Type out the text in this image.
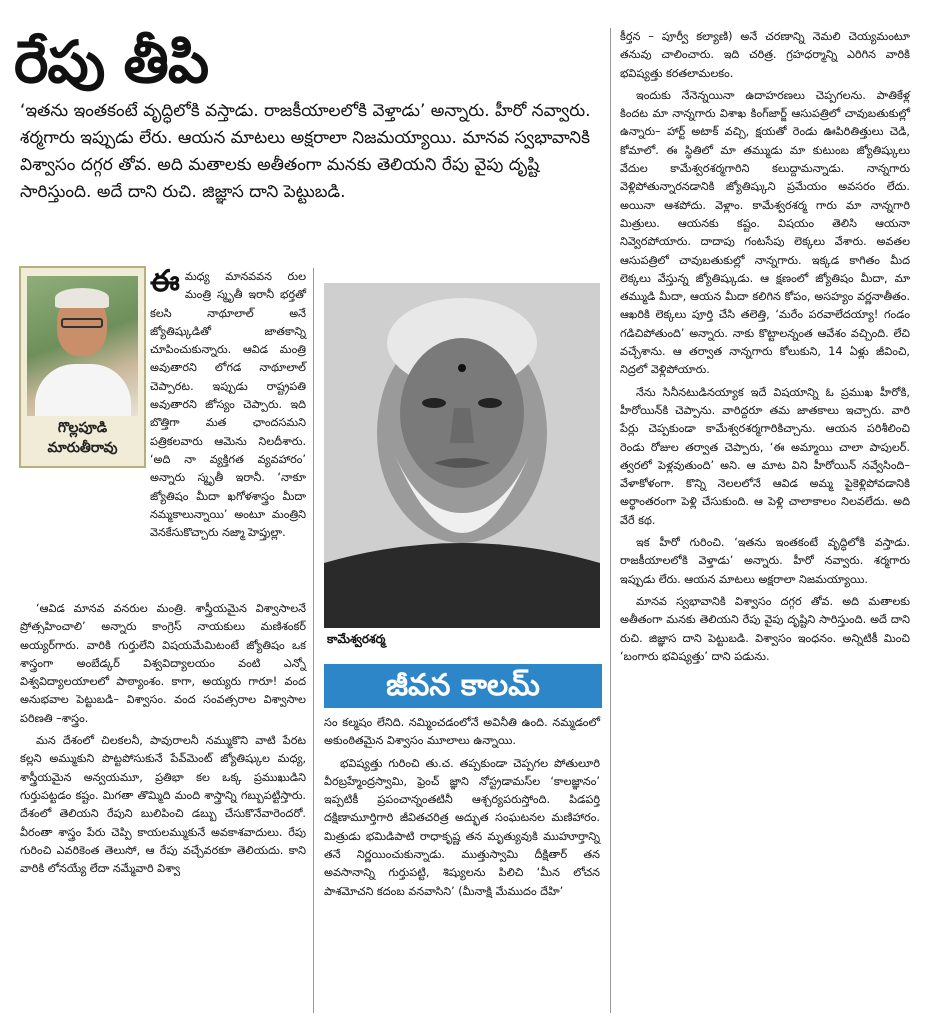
రేపు తీపి

‘ఇతను ఇంతకంటే వృద్ధిలోకి వస్తాడు. రాజకీయాలలోకి వెళ్తాడు’ అన్నారు. హీరో నవ్వారు. శర్మగారు ఇప్పుడు లేరు. ఆయన మాటలు అక్షరాలా నిజమయ్యాయి. మానవ స్వభావానికి విశ్వాసం దగ్గర తోవ. అది మతాలకు అతీతంగా మనకు తెలియని రేపు వైపు దృష్టి సారిస్తుంది. అదే దాని రుచి. జిజ్ఞాస దాని పెట్టుబడి.

గొల్లపూడి
మారుతీరావు

ఈమధ్య మానవవన రుల మంత్రి స్మృతీ ఇరానీ భర్తతో కలసి నాథూలాల్ అనే జ్యోతిష్కుడితో జాతకాన్ని చూపించుకున్నారు. ఆవిడ మంత్రి అవుతారని లోగడ నాథూలాల్ చెప్పారట. ఇప్పుడు రాష్ట్రపతి అవుతారని జోస్యం చెప్పారు. ఇది బొత్తిగా మత ఛాందసమని పత్రికలవారు ఆమెను నిలదీశారు. ‘అది నా వ్యక్తిగత వ్యవహారం’ అన్నారు స్మృతీ ఇరానీ. ‘నాకూ జ్యోతిషం మీదా ఖగోళశాస్త్రం మీదా నమ్మకాలున్నాయి’ అంటూ మంత్రిని వెనకేసుకొచ్చారు నజ్మా హెప్తుల్లా.

‘ఆవిడ మానవ వనరుల మంత్రి. శాస్త్రీయమైన విశ్వాసాలనే ప్రోత్సహించాలి’ అన్నారు కాంగ్రెస్ నాయకులు మణిశంకర్ అయ్యర్‌గారు. వారికి గుర్తులేని విషయమేమిటంటే జ్యోతిషం ఒక శాస్త్రంగా అంబేడ్కర్ విశ్వవిద్యాలయం వంటి ఎన్నో విశ్వవిద్యాలయాలలో పాఠ్యాంశం. కాగా, అయ్యరు గారూ! వంద అనుభవాల పెట్టుబడి– విశ్వాసం. వంద సంవత్సరాల విశ్వాసాల పరిణతి –శాస్త్రం.

మన దేశంలో చిలకలనీ, పావురాలనీ నమ్ముకొని వాటి పేరట కల్లని అమ్ముకుని పొట్టపోసుకునే పేవ్‌మెంట్ జ్యోతిష్కుల మధ్య, శాస్త్రీయమైన అన్వయమూ, ప్రతిభా కల ఒక్క ప్రముఖుడిని గుర్తుపట్టడం కష్టం. మిగతా తొమ్మిది మంది శాస్త్రాన్ని గబ్బుపట్టిస్తారు. దేశంలో తెలియని రేపుని బులిపించి డబ్బు చేసుకొనేవారెందరో. వీరంతా శాస్త్రం పేరు చెప్పి కాయలమ్ముకునే అవకాశవాదులు. రేపు గురించి ఎవరికెంత తెలుసో, ఆ రేపు వచ్చేవరకూ తెలియదు. కాని వారికి లోనయ్యే లేదా నమ్మేవారి విశ్వా

కామేశ్వరశర్మ
జీవన కాలమ్

సం కల్మషం లేనిది. నమ్మించడంలోనే అవినీతి ఉంది. నమ్మడంలో అకుంఠితమైన విశ్వాసం మూలాలు ఉన్నాయి.

భవిష్యత్తు గురించి తు.చ. తప్పకుండా చెప్పగల పోతులూరి వీరబ్రహ్మేంద్రస్వామి, ఫ్రెంచ్ జ్ఞాని నోస్ట్రడామస్‌ల ‘కాలజ్ఞానం’ ఇప్పటికీ ప్రపంచాన్నంతటినీ ఆశ్చర్యపరుస్తోంది. పిడపర్తి దక్షిణామూర్తిగారి జీవితచరిత్ర అద్భుత సంఘటనల మణిహారం. మిత్రుడు భమిడిపాటి రాధాకృష్ణ తన మృత్యువుకి ముహూర్తాన్ని తనే నిర్ణయించుకున్నాడు. ముత్తుస్వామి దీక్షితార్ తన అవసానాన్ని గుర్తుపట్టి, శిష్యులను పిలిచి ‘మీన లోచన పాశమోచని కదంబ వనవాసిని’ (మీనాక్షి మేముదం దేహి’

కీర్తన – పూర్వీ కల్యాణి) అనే చరణాన్ని నెమలి చెయ్యమంటూ తనువు చాలించారు. ఇది చరిత్ర. గ్రహధర్మాన్ని ఎరిగిన వారికి భవిష్యత్తు కరతలామలకం.

ఇందుకు నేనెన్నయినా ఉదాహరణలు చెప్పగలను. పాతికేళ్ల కిందట మా నాన్నగారు విశాఖ కింగ్‌జార్జ్ ఆసుపత్రిలో చావుబతుకుల్లో ఉన్నారు– హార్ట్ అటాక్ వచ్చి, క్షయతో రెండు ఊపిరితిత్తులు చెడి, కోమాలో. ఈ స్థితిలో మా తమ్ముడు మా కుటుంబ జ్యోతిష్కులు వేదుల కామేశ్వరశర్మగారిని కలుద్దామన్నాడు. నాన్నగారు వెళ్లిపోతున్నారనడానికి జ్యోతిష్కుని ప్రమేయం అవసరం లేదు. అయినా ఆశపోదు. వెళ్లాం. కామేశ్వరశర్మ గారు మా నాన్నగారి మిత్రులు. ఆయనకు కష్టం. విషయం తెలిసి ఆయనా నివ్వెరపోయారు. దాదాపు గంటసేపు లెక్కలు వేశారు. అవతల ఆసుపత్రిలో చావుబతుకుల్లో నాన్నగారు. ఇక్కడ కాగితం మీద లెక్కలు వేస్తున్న జ్యోతిష్కుడు. ఆ క్షణంలో జ్యోతిషం మీదా, మా తమ్ముడి మీదా, ఆయన మీదా కలిగిన కోపం, అసహ్యం వర్ణనాతీతం. ఆఖరికి లెక్కలు పూర్తి చేసి తలెత్తి, ‘మరేం పరవాలేదయ్యా! గండం గడిచిపోతుంది’ అన్నారు. నాకు కొట్టాలన్నంత ఆవేశం వచ్చింది. లేచి వచ్చేశాను. ఆ తర్వాత నాన్నగారు కోలుకుని, 14 ఏళ్లు జీవించి, నిద్రలో వెళ్లిపోయారు.

నేను సినీనటుడినయ్యాక ఇదే విషయాన్ని ఓ ప్రముఖ హీరోకి, హీరోయిన్‌కి చెప్పాను. వారిద్దరూ తమ జాతకాలు ఇచ్చారు. వారి పేర్లు చెప్పకుండా కామేశ్వరశర్మగారికిచ్చాను. ఆయన పరిశీలించి రెండు రోజుల తర్వాత చెప్పారు, ‘ఈ అమ్మాయి చాలా పాపులర్. త్వరలో పెళ్లవుతుంది’ అని. ఆ మాట విని హీరోయిన్ నవ్వేసింది– వేళాకోళంగా. కొన్ని నెలలలోనే ఆవిడ అమ్మ పైకెళ్లిపోవడానికి అర్థాంతరంగా పెళ్లి చేసుకుంది. ఆ పెళ్లి చాలాకాలం నిలవలేదు. అది వేరే కథ.

ఇక హీరో గురించి. ‘ఇతను ఇంతకంటే వృద్ధిలోకి వస్తాడు. రాజకీయాలలోకి వెళ్తాడు’ అన్నారు. హీరో నవ్వారు. శర్మగారు ఇప్పుడు లేరు. ఆయన మాటలు అక్షరాలా నిజమయ్యాయి.

మానవ స్వభావానికి విశ్వాసం దగ్గర తోవ. అది మతాలకు అతీతంగా మనకు తెలియని రేపు వైపు దృష్టిని సారిస్తుంది. అదే దాని రుచి. జిజ్ఞాస దాని పెట్టుబడి. విశ్వాసం ఇంధనం. అన్నిటికీ మించి ‘బంగారు భవిష్యత్తు’ దాని పడును.
